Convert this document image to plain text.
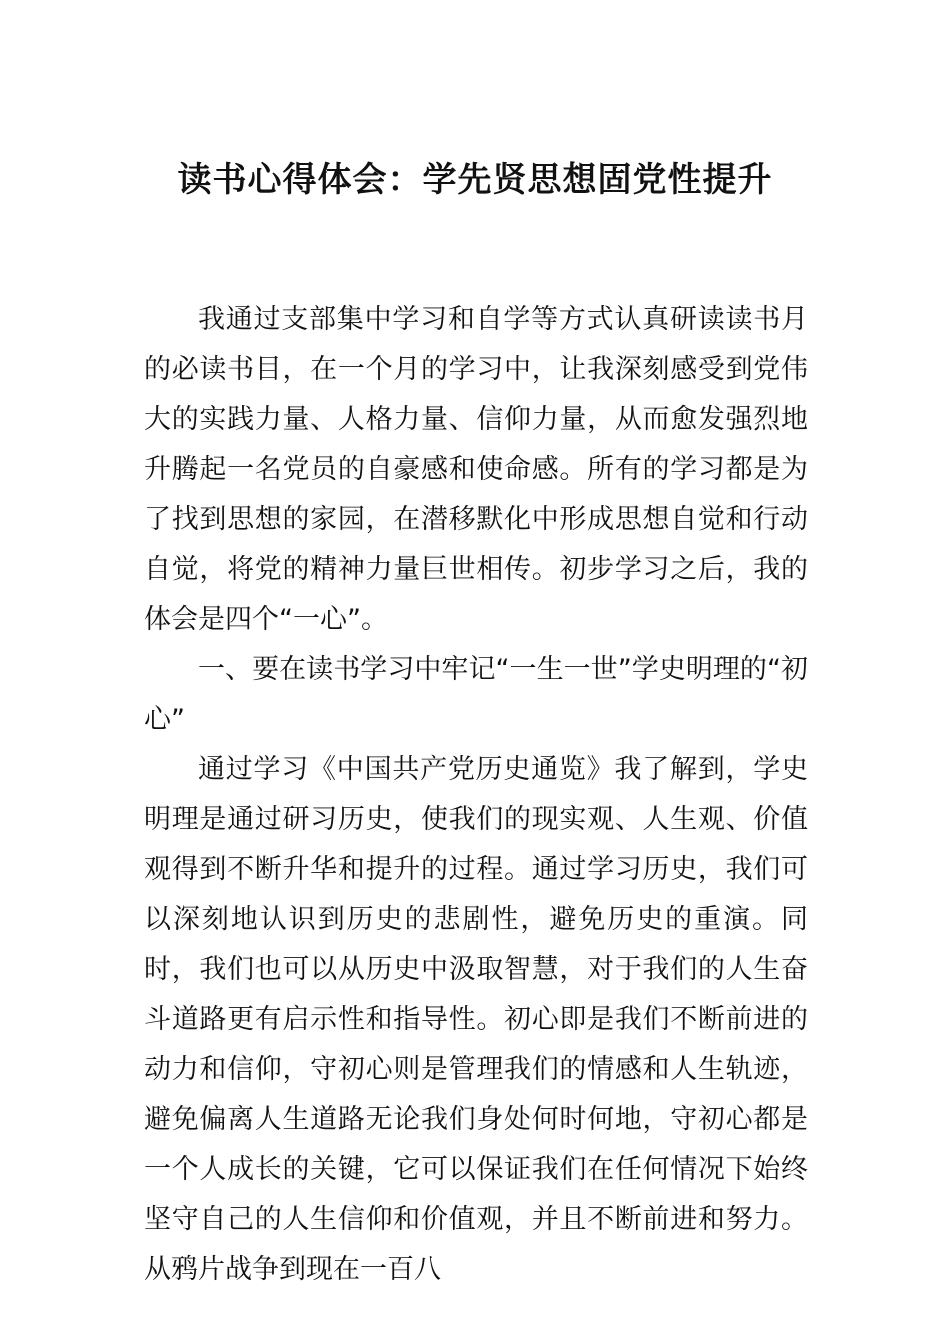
读书心得体会：学先贤思想固党性提升

我通过支部集中学习和自学等方式认真研读读书月的必读书目，在一个月的学习中，让我深刻感受到党伟大的实践力量、人格力量、信仰力量，从而愈发强烈地升腾起一名党员的自豪感和使命感。所有的学习都是为了找到思想的家园，在潜移默化中形成思想自觉和行动自觉，将党的精神力量巨世相传。初步学习之后，我的体会是四个“一心”。

一、要在读书学习中牢记“一生一世”学史明理的“初心”

通过学习《中国共产党历史通览》我了解到，学史明理是通过研习历史，使我们的现实观、人生观、价值观得到不断升华和提升的过程。通过学习历史，我们可以深刻地认识到历史的悲剧性，避免历史的重演。同时，我们也可以从历史中汲取智慧，对于我们的人生奋斗道路更有启示性和指导性。初心即是我们不断前进的动力和信仰，守初心则是管理我们的情感和人生轨迹，避免偏离人生道路无论我们身处何时何地，守初心都是一个人成长的关键，它可以保证我们在任何情况下始终坚守自己的人生信仰和价值观，并且不断前进和努力。从鸦片战争到现在一百八
